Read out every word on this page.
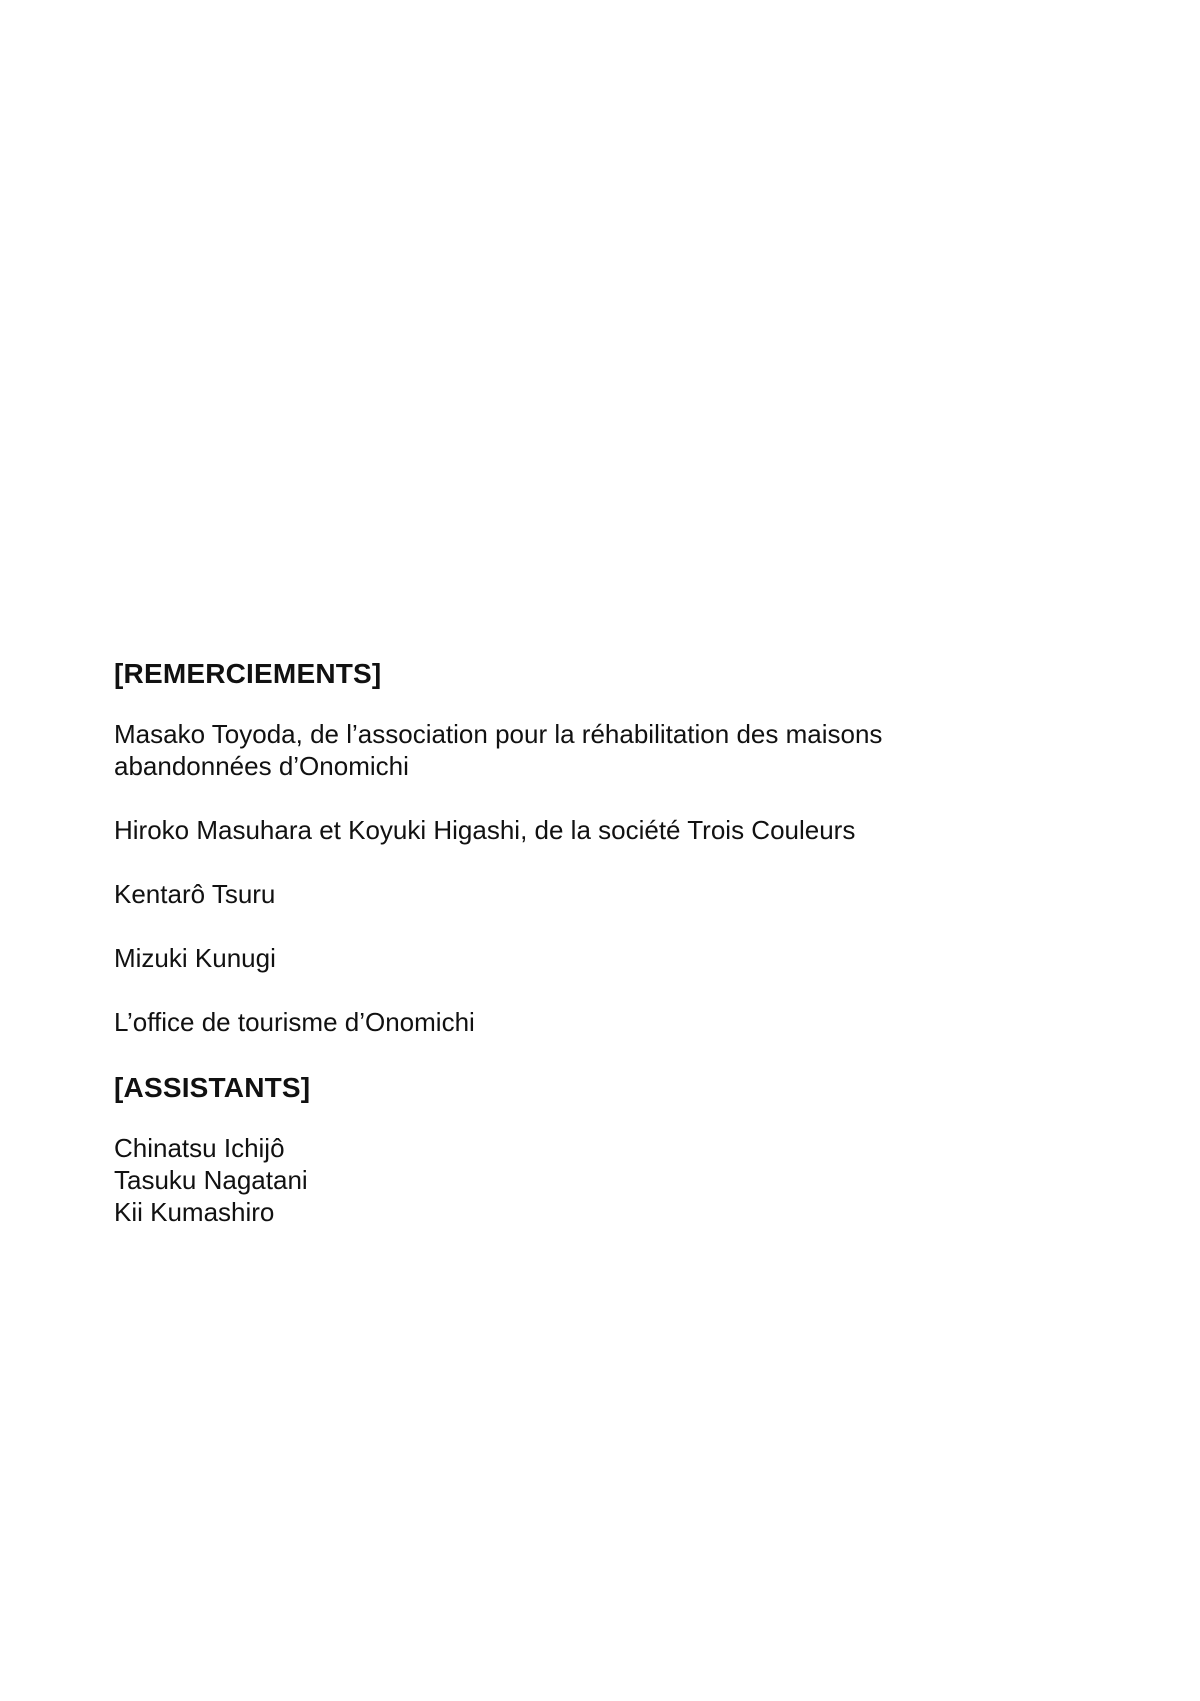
[REMERCIEMENTS]
Masako Toyoda, de l’association pour la réhabilitation des maisons abandonnées d’Onomichi
Hiroko Masuhara et Koyuki Higashi, de la société Trois Couleurs
Kentarô Tsuru
Mizuki Kunugi
L’office de tourisme d’Onomichi
[ASSISTANTS]
Chinatsu Ichijô
Tasuku Nagatani
Kii Kumashiro
